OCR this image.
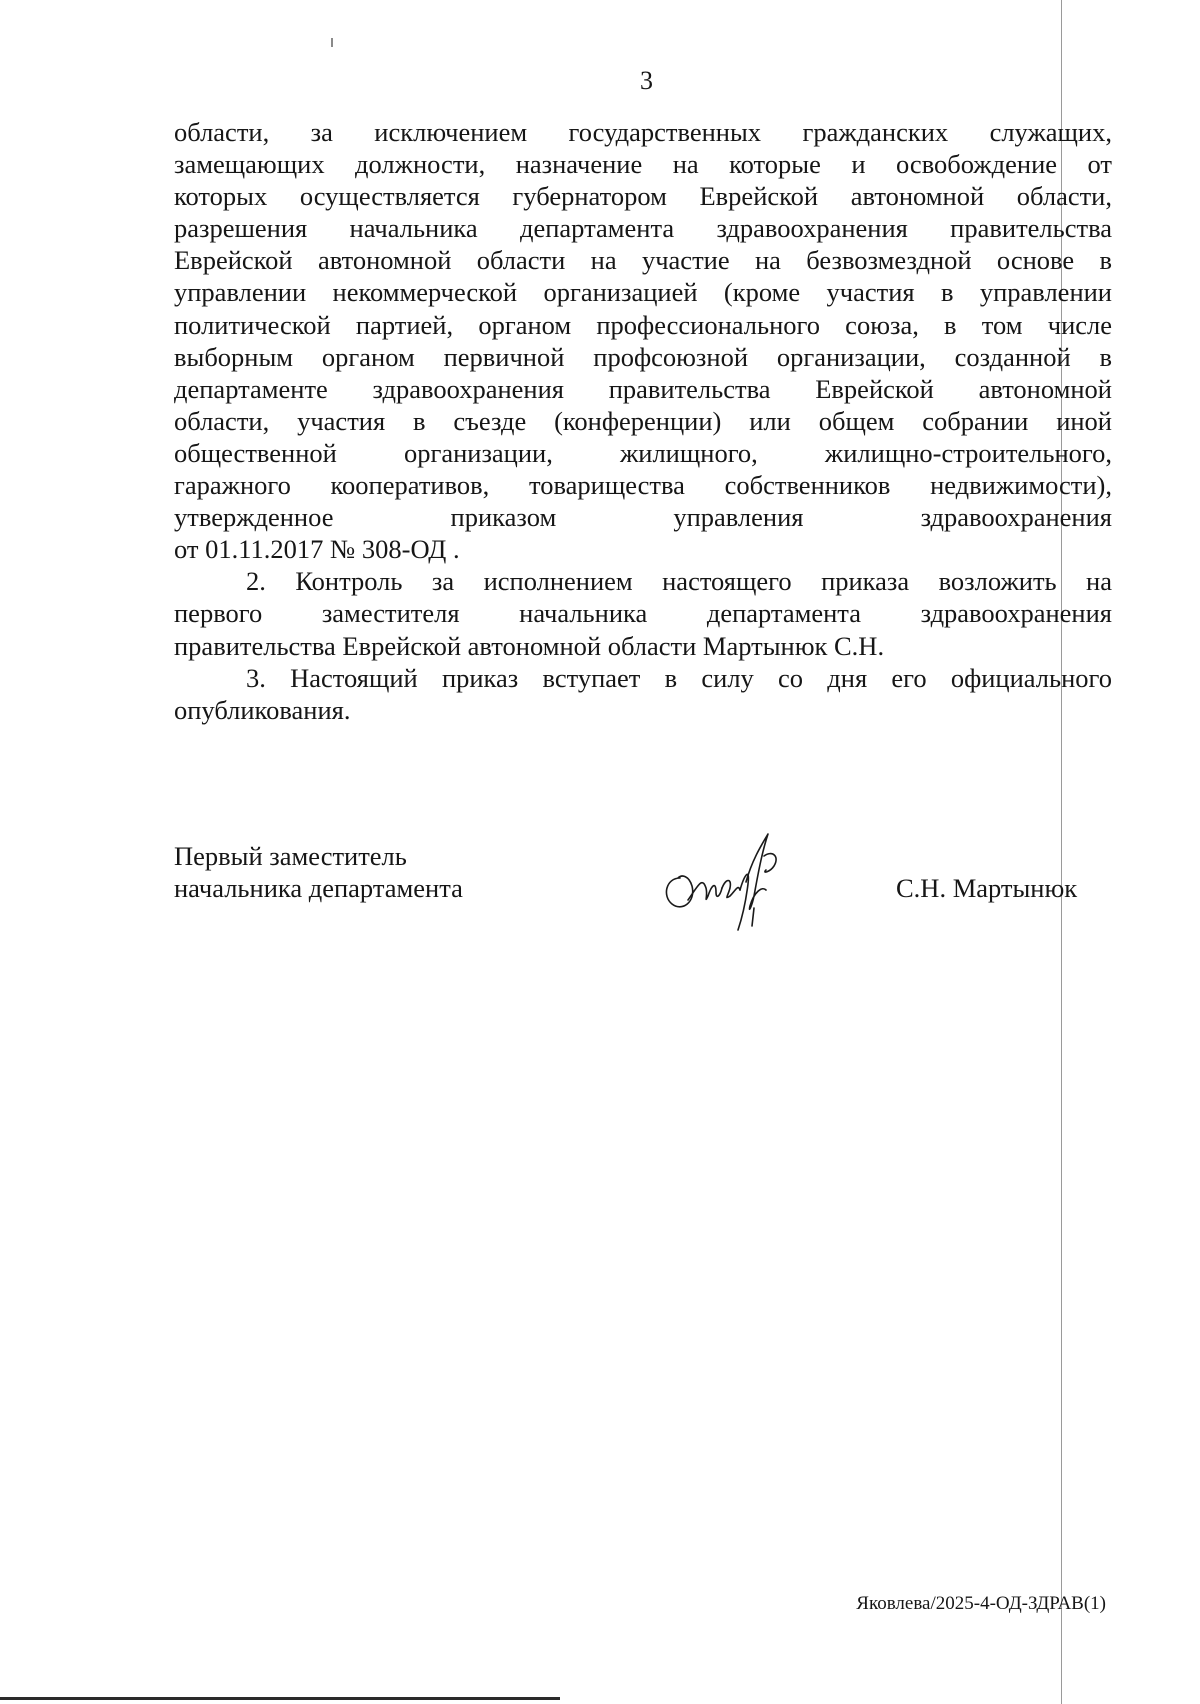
3

области, за исключением государственных гражданских служащих,
замещающих должности, назначение на которые и освобождение от
которых осуществляется губернатором Еврейской автономной области,
разрешения начальника департамента здравоохранения правительства
Еврейской автономной области на участие на безвозмездной основе в
управлении некоммерческой организацией (кроме участия в управлении
политической партией, органом профессионального союза, в том числе
выборным органом первичной профсоюзной организации, созданной в
департаменте здравоохранения правительства Еврейской автономной
области, участия в съезде (конференции) или общем собрании иной
общественной организации, жилищного, жилищно-строительного,
гаражного кооперативов, товарищества собственников недвижимости),
утвержденное приказом управления здравоохранения
от 01.11.2017 № 308-ОД .

2. Контроль за исполнением настоящего приказа возложить на
первого заместителя начальника департамента здравоохранения
правительства Еврейской автономной области Мартынюк С.Н.

3. Настоящий приказ вступает в силу со дня его официального
опубликования.

Первый заместитель
начальника департамента	С.Н. Мартынюк
Яковлева/2025-4-ОД-ЗДРАВ(1)
